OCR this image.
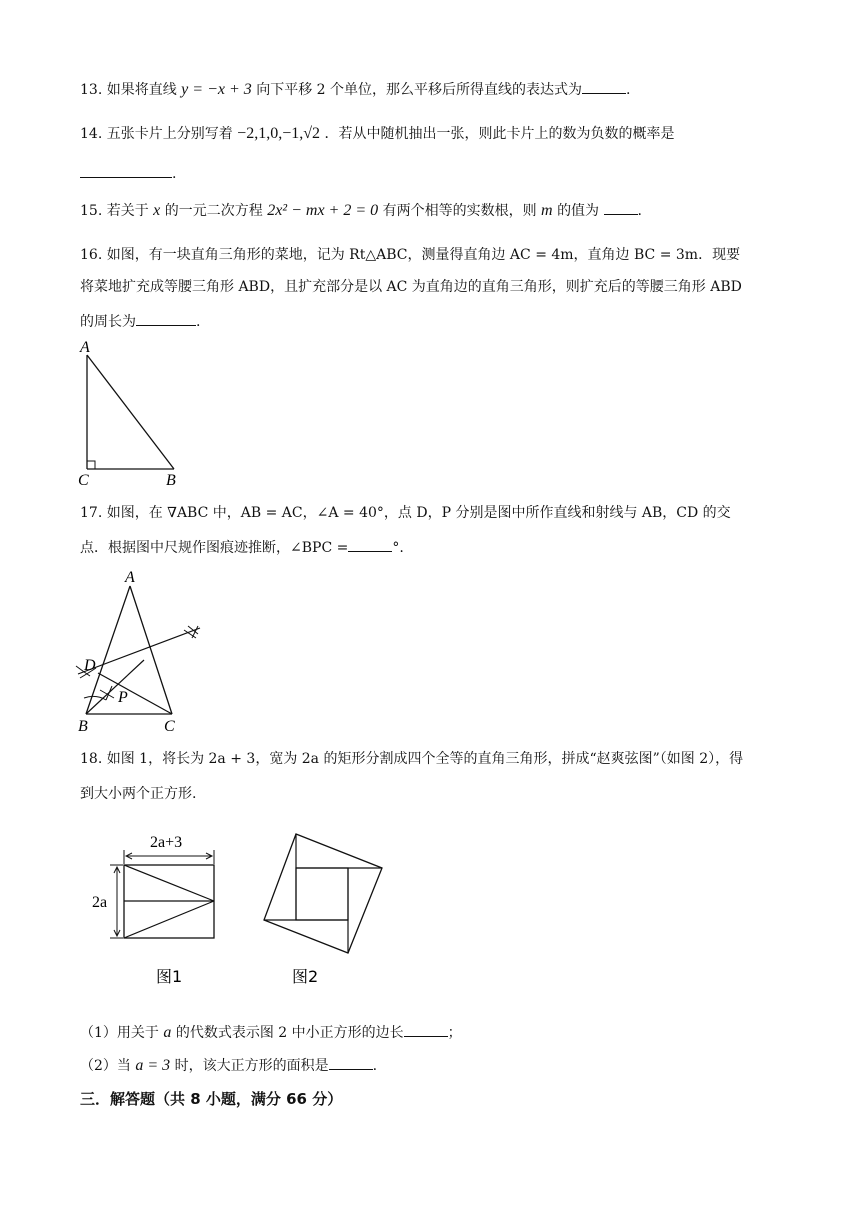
13. 如果将直线 y = −x + 3 向下平移 2 个单位，那么平移后所得直线的表达式为	.
14. 五张卡片上分别写着 −2,1,0,−1,√2 ．若从中随机抽出一张，则此卡片上的数为负数的概率是
.
15. 若关于 x 的一元二次方程 2x² − mx + 2 = 0 有两个相等的实数根，则 m 的值为	.
16. 如图，有一块直角三角形的菜地，记为 Rt△ABC，测量得直角边 AC = 4m，直角边 BC = 3m．现要
将菜地扩充成等腰三角形 ABD，且扩充部分是以 AC 为直角边的直角三角形，则扩充后的等腰三角形 ABD
的周长为	.
A
C	B
17. 如图，在 ∇ABC 中，AB = AC，∠A = 40°，点 D，P 分别是图中所作直线和射线与 AB，CD 的交
点．根据图中尺规作图痕迹推断，∠BPC =	°.
A
D
P
B	C
18. 如图 1，将长为 2a + 3，宽为 2a 的矩形分割成四个全等的直角三角形，拼成“赵爽弦图”（如图 2），得
到大小两个正方形.
2a+3
2a
图1	图2
（1）用关于 a 的代数式表示图 2 中小正方形的边长	；
（2）当 a = 3 时，该大正方形的面积是	.
三．解答题（共 8 小题，满分 66 分）
